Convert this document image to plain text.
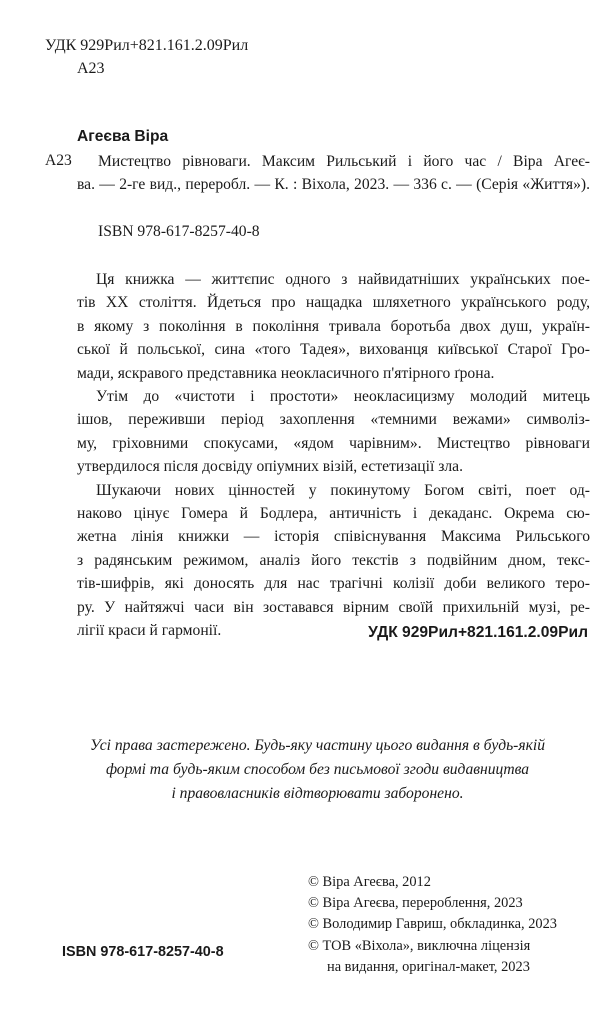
УДК 929Рил+821.161.2.09Рил
А23
Агеєва Віра
А23 Мистецтво рівноваги. Максим Рильський і його час / Віра Агеє-
ва. — 2-ге вид., переробл. — К. : Віхола, 2023. — 336 с. — (Серія «Життя»).
ISBN 978-617-8257-40-8
Ця книжка — життєпис одного з найвидатніших українських пое-
тів XX століття. Йдеться про нащадка шляхетного українського роду,
в якому з покоління в покоління тривала боротьба двох душ, україн-
ської й польської, сина «того Тадея», вихованця київської Старої Гро-
мади, яскравого представника неокласичного п'ятірного ґрона.
Утім до «чистоти і простоти» неокласицизму молодий митець
ішов, переживши період захоплення «темними вежами» символіз-
му, гріховними спокусами, «ядом чарівним». Мистецтво рівноваги
утвердилося після досвіду опіумних візій, естетизації зла.
Шукаючи нових цінностей у покинутому Богом світі, поет од-
наково цінує Гомера й Бодлера, античність і декаданс. Окрема сю-
жетна лінія книжки — історія співіснування Максима Рильського
з радянським режимом, аналіз його текстів з подвійним дном, текс-
тів-шифрів, які доносять для нас трагічні колізії доби великого теро-
ру. У найтяжчі часи він зоставався вірним своїй прихильній музі, ре-
лігії краси й гармонії.	УДК 929Рил+821.161.2.09Рил
Усі права застережено. Будь-яку частину цього видання в будь-якій
формі та будь-яким способом без письмової згоди видавництва
і правовласників відтворювати заборонено.
© Віра Агеєва, 2012
© Віра Агеєва, перероблення, 2023
© Володимир Гавриш, обкладинка, 2023
© ТОВ «Віхола», виключна ліцензія
на видання, оригінал-макет, 2023
ISBN 978-617-8257-40-8
